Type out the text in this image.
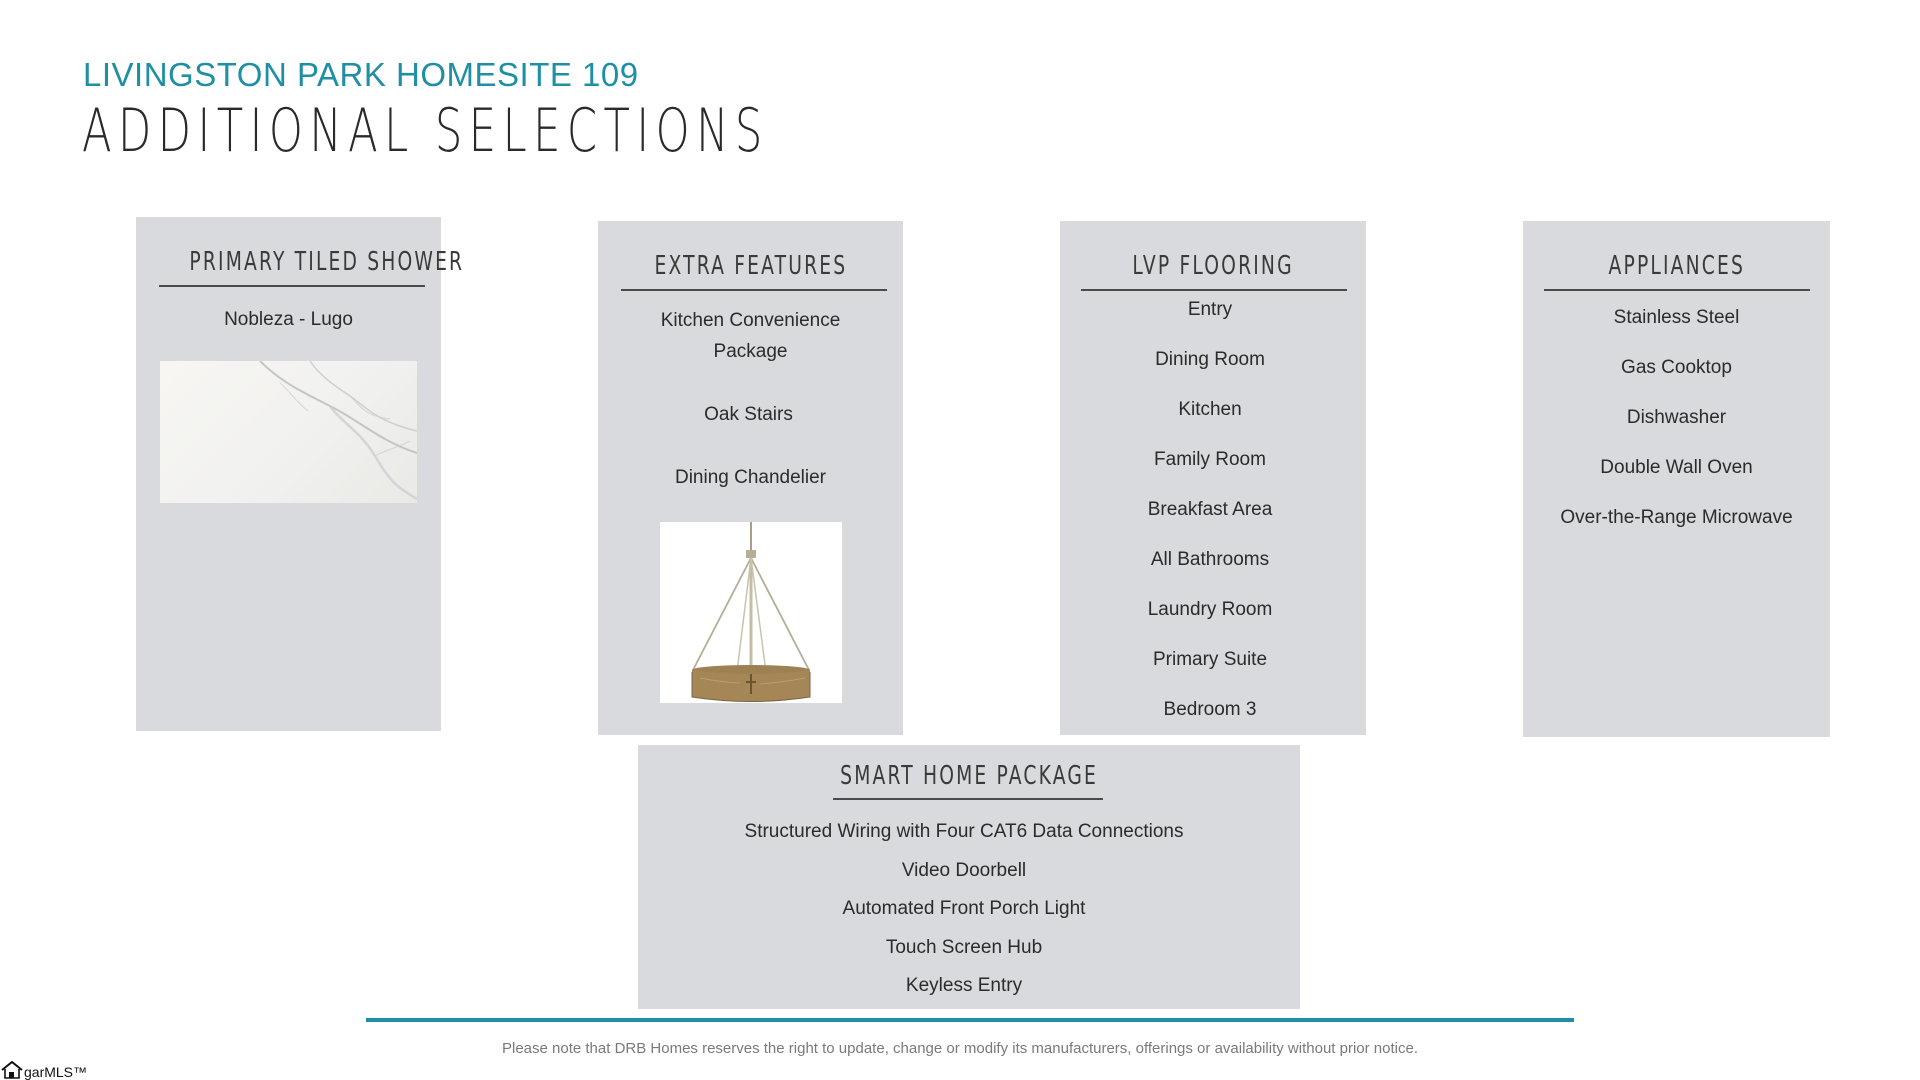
LIVINGSTON PARK HOMESITE 109
ADDITIONAL SELECTIONS
PRIMARY TILED SHOWER
Nobleza - Lugo
EXTRA FEATURES
Kitchen Convenience
Package
Oak Stairs
Dining Chandelier
LVP FLOORING
Entry
Dining Room
Kitchen
Family Room
Breakfast Area
All Bathrooms
Laundry Room
Primary Suite
Bedroom 3
APPLIANCES
Stainless Steel
Gas Cooktop
Dishwasher
Double Wall Oven
Over-the-Range Microwave
SMART HOME PACKAGE
Structured Wiring with Four CAT6 Data Connections
Video Doorbell
Automated Front Porch Light
Touch Screen Hub
Keyless Entry
Please note that DRB Homes reserves the right to update, change or modify its manufacturers, offerings or availability without prior notice.
garMLS™
